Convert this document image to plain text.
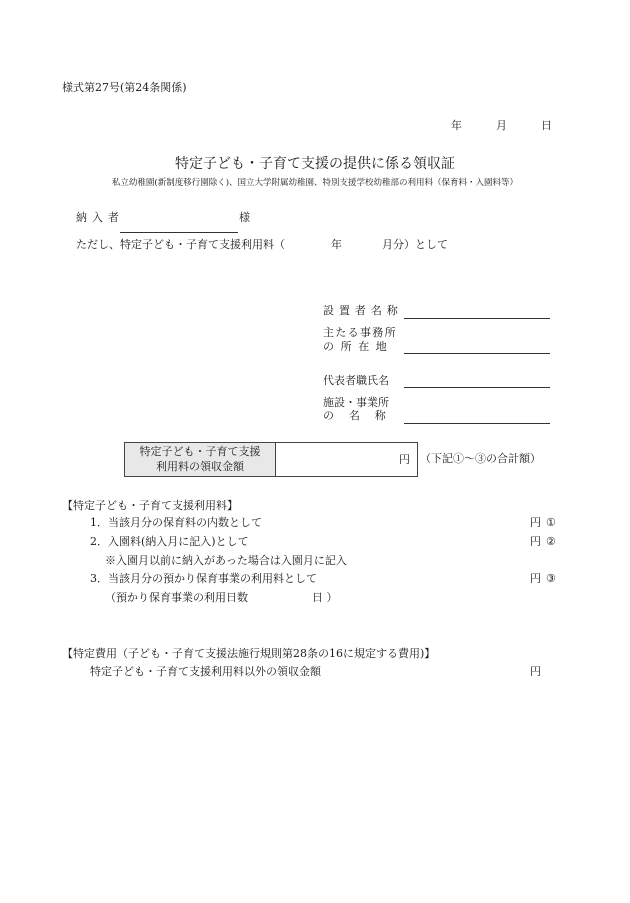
様式第27号(第24条関係)
年	月	日
特定子ども・子育て支援の提供に係る領収証
私立幼稚園(新制度移行園除く)、国立大学附属幼稚園、特別支援学校幼稚部の利用料（保育料・入園料等）
納入者	様
ただし、特定子ども・子育て支援利用料（	年	月分）として
設置者名称
主たる事務所
の所在地
代表者職氏名
施設・事業所
の名称
特定子ども・子育て支援
利用料の領収金額	円 （下記①〜③の合計額）
【特定子ども・子育て支援利用料】
1．当該月分の保育料の内数として	円 ①
2．入園料(納入月に記入)として	円 ②
※入園月以前に納入があった場合は入園月に記入
3．当該月分の預かり保育事業の利用料として	円 ③
（預かり保育事業の利用日数	日 ）
【特定費用（子ども・子育て支援法施行規則第28条の16に規定する費用)】
特定子ども・子育て支援利用料以外の領収金額	円
